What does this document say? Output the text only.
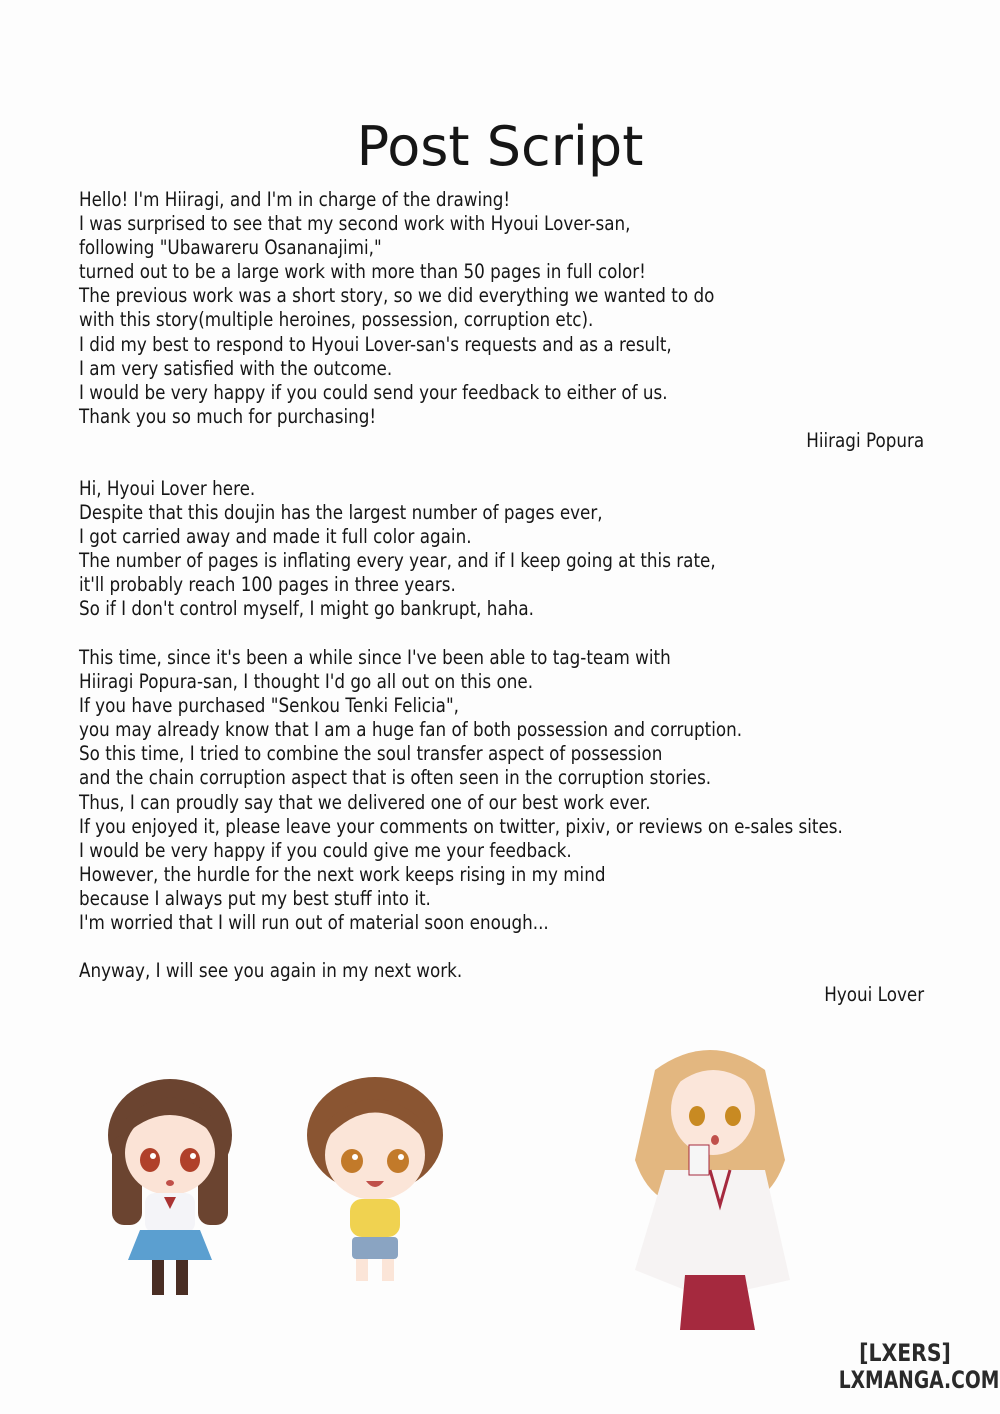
Post Script
Hello! I'm Hiiragi, and I'm in charge of the drawing!
I was surprised to see that my second work with Hyoui Lover-san,
following "Ubawareru Osananajimi,"
turned out to be a large work with more than 50 pages in full color!
The previous work was a short story, so we did everything we wanted to do
with this story(multiple heroines, possession, corruption etc).
I did my best to respond to Hyoui Lover-san's requests and as a result,
I am very satisfied with the outcome.
I would be very happy if you could send your feedback to either of us.
Thank you so much for purchasing!
Hiiragi Popura
Hi, Hyoui Lover here.
Despite that this doujin has the largest number of pages ever,
I got carried away and made it full color again.
The number of pages is inflating every year, and if I keep going at this rate,
it'll probably reach 100 pages in three years.
So if I don't control myself, I might go bankrupt, haha.
This time, since it's been a while since I've been able to tag-team with
Hiiragi Popura-san, I thought I'd go all out on this one.
If you have purchased "Senkou Tenki Felicia",
you may already know that I am a huge fan of both possession and corruption.
So this time, I tried to combine the soul transfer aspect of possession
and the chain corruption aspect that is often seen in the corruption stories.
Thus, I can proudly say that we delivered one of our best work ever.
If you enjoyed it, please leave your comments on twitter, pixiv, or reviews on e-sales sites.
I would be very happy if you could give me your feedback.
However, the hurdle for the next work keeps rising in my mind
because I always put my best stuff into it.
I'm worried that I will run out of material soon enough...
Anyway, I will see you again in my next work.
Hyoui Lover
[LXERS]
LXMANGA.COM
